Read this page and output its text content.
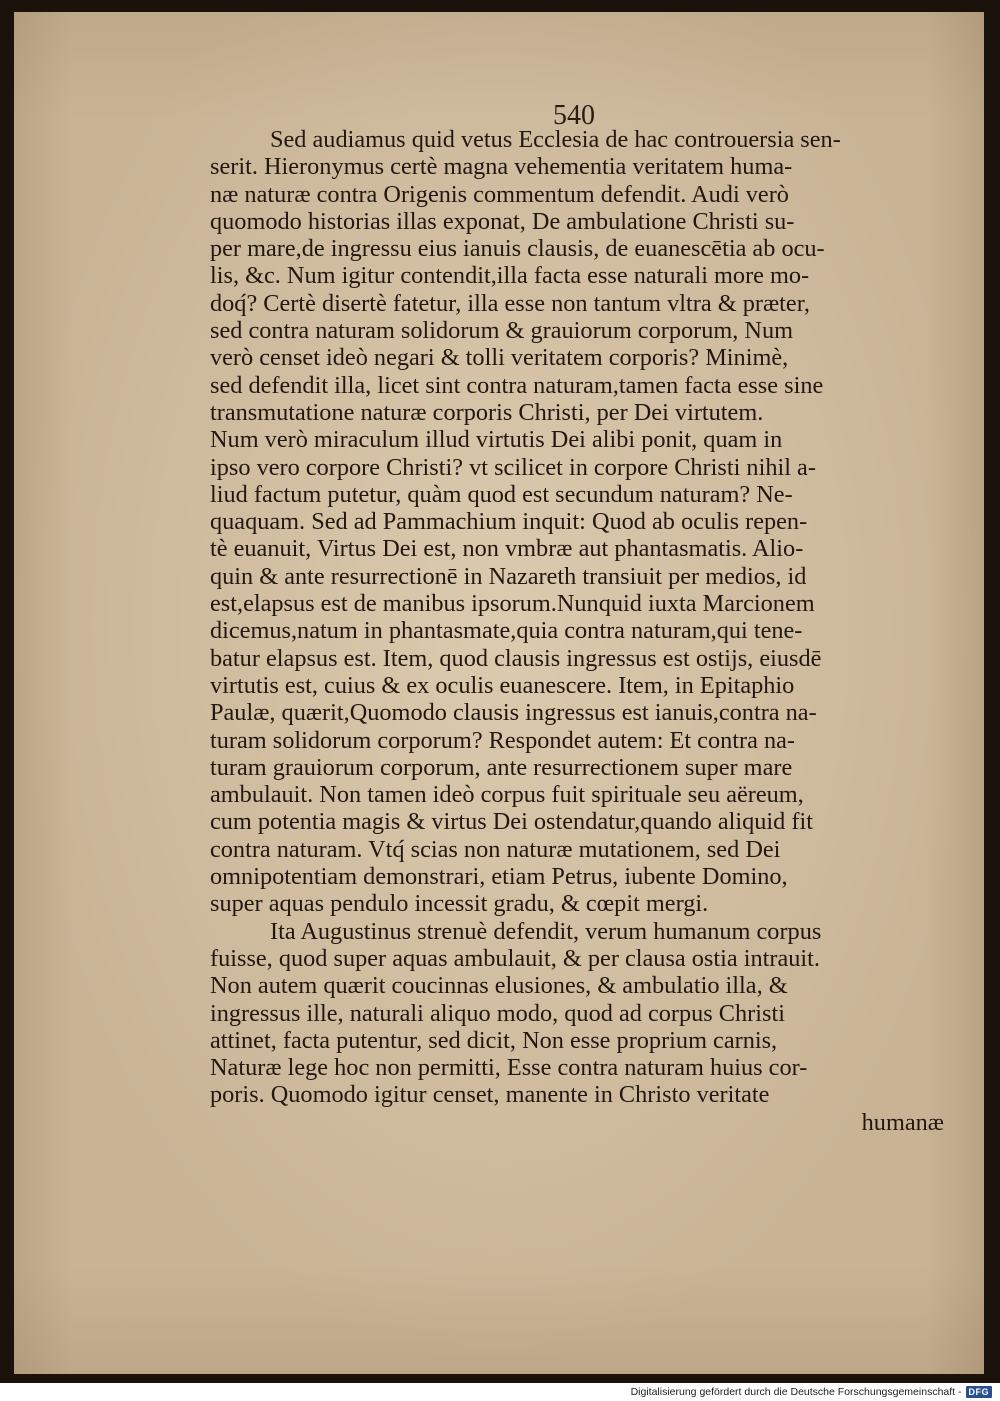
540
Sed audiamus quid vetus Ecclesia de hac controuersia sen-
serit. Hieronymus certè magna vehementia veritatem huma-
næ naturæ contra Origenis commentum defendit. Audi verò
quomodo historias illas exponat, De ambulatione Christi su-
per mare,de ingressu eius ianuis clausis, de euanescētia ab ocu-
lis, &c. Num igitur contendit,illa facta esse naturali more mo-
doq́? Certè disertè fatetur, illa esse non tantum vltra & præter,
sed contra naturam solidorum & grauiorum corporum, Num
verò censet ideò negari & tolli veritatem corporis? Minimè,
sed defendit illa, licet sint contra naturam,tamen facta esse sine
transmutatione naturæ corporis Christi, per Dei virtutem.
Num verò miraculum illud virtutis Dei alibi ponit, quam in
ipso vero corpore Christi? vt scilicet in corpore Christi nihil a-
liud factum putetur, quàm quod est secundum naturam? Ne-
quaquam. Sed ad Pammachium inquit: Quod ab oculis repen-
tè euanuit, Virtus Dei est, non vmbræ aut phantasmatis. Alio-
quin & ante resurrectionē in Nazareth transiuit per medios, id
est,elapsus est de manibus ipsorum.Nunquid iuxta Marcionem
dicemus,natum in phantasmate,quia contra naturam,qui tene-
batur elapsus est. Item, quod clausis ingressus est ostijs, eiusdē
virtutis est, cuius & ex oculis euanescere. Item, in Epitaphio
Paulæ, quærit,Quomodo clausis ingressus est ianuis,contra na-
turam solidorum corporum? Respondet autem: Et contra na-
turam grauiorum corporum, ante resurrectionem super mare
ambulauit. Non tamen ideò corpus fuit spirituale seu aëreum,
cum potentia magis & virtus Dei ostendatur,quando aliquid fit
contra naturam. Vtq́ scias non naturæ mutationem, sed Dei
omnipotentiam demonstrari, etiam Petrus, iubente Domino,
super aquas pendulo incessit gradu, & cœpit mergi.
Ita Augustinus strenuè defendit, verum humanum corpus
fuisse, quod super aquas ambulauit, & per clausa ostia intrauit.
Non autem quærit coucinnas elusiones, & ambulatio illa, &
ingressus ille, naturali aliquo modo, quod ad corpus Christi
attinet, facta putentur, sed dicit, Non esse proprium carnis,
Naturæ lege hoc non permitti, Esse contra naturam huius cor-
poris. Quomodo igitur censet, manente in Christo veritate
humanæ
Digitalisierung gefördert durch die Deutsche Forschungsgemeinschaft - DFG
